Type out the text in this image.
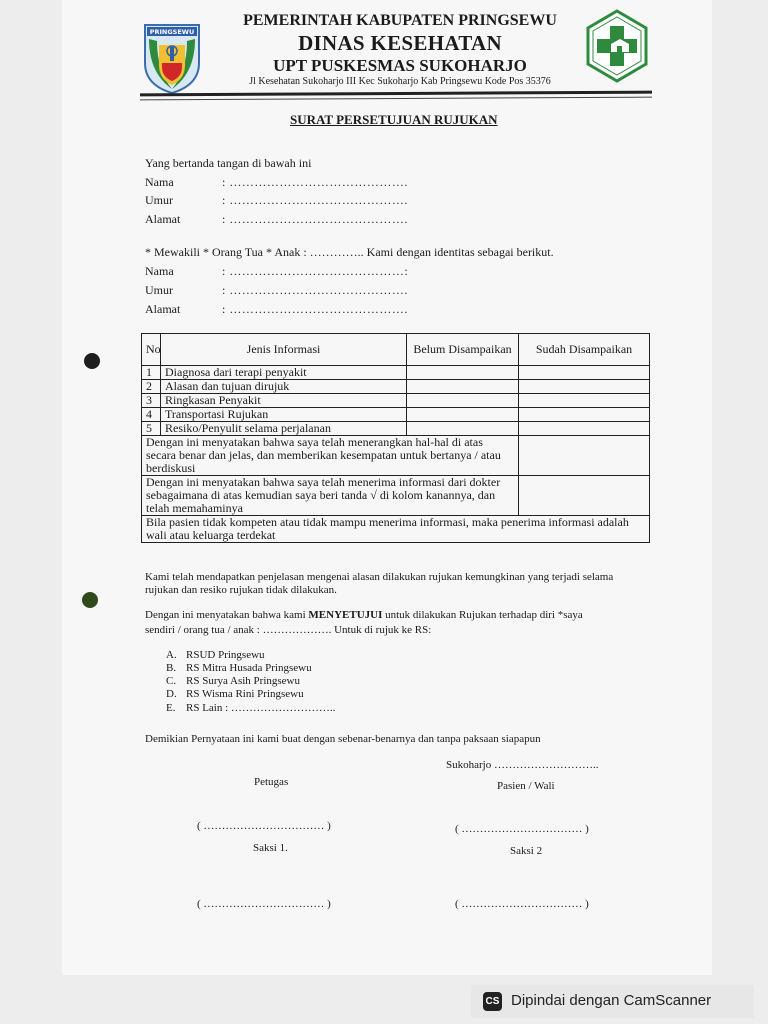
PRINGSEWU
PEMERINTAH KABUPATEN PRINGSEWU
DINAS KESEHATAN
UPT PUSKESMAS SUKOHARJO
Jl Kesehatan Sukoharjo III Kec Sukoharjo Kab Pringsewu Kode Pos 35376
SURAT PERSETUJUAN RUJUKAN
Yang bertanda tangan di bawah ini
Nama	: …………………………………….
Umur	: …………………………………….
Alamat	: …………………………………….
* Mewakili * Orang Tua * Anak : ………….. Kami dengan identitas sebagai berikut.
Nama	: ……………………………………:
Umur	: …………………………………….
Alamat	: …………………………………….
No	Jenis Informasi	Belum Disampaikan	Sudah Disampaikan
1	Diagnosa dari terapi penyakit		
2	Alasan dan tujuan dirujuk		
3	Ringkasan Penyakit		
4	Transportasi Rujukan		
5	Resiko/Penyulit selama perjalanan		
Dengan ini menyatakan bahwa saya telah menerangkan hal-hal di atas secara benar dan jelas, dan memberikan kesempatan untuk bertanya / atau berdiskusi			
Dengan ini menyatakan bahwa saya telah menerima informasi dari dokter sebagaimana di atas kemudian saya beri tanda √ di kolom kanannya, dan telah memahaminya			
Bila pasien tidak kompeten atau tidak mampu menerima informasi, maka penerima informasi adalah wali atau keluarga terdekat			
Kami telah mendapatkan penjelasan mengenai alasan dilakukan rujukan kemungkinan yang terjadi selama
rujukan dan resiko rujukan tidak dilakukan.
Dengan ini menyatakan bahwa kami MENYETUJUI untuk dilakukan Rujukan terhadap diri *saya
sendiri / orang tua / anak : ………………. Untuk di rujuk ke RS:
A. RSUD Pringsewu
B. RS Mitra Husada Pringsewu
C. RS Surya Asih Pringsewu
D. RS Wisma Rini Pringsewu
E. RS Lain : ………………………..
Demikian Pernyataan ini kami buat dengan sebenar-benarnya dan tanpa paksaan siapapun
Sukoharjo ………………………..
Petugas	Pasien / Wali
( …………………………… )	( …………………………… )
Saksi 1.	Saksi 2
( …………………………… )	( …………………………… )
CS Dipindai dengan CamScanner
